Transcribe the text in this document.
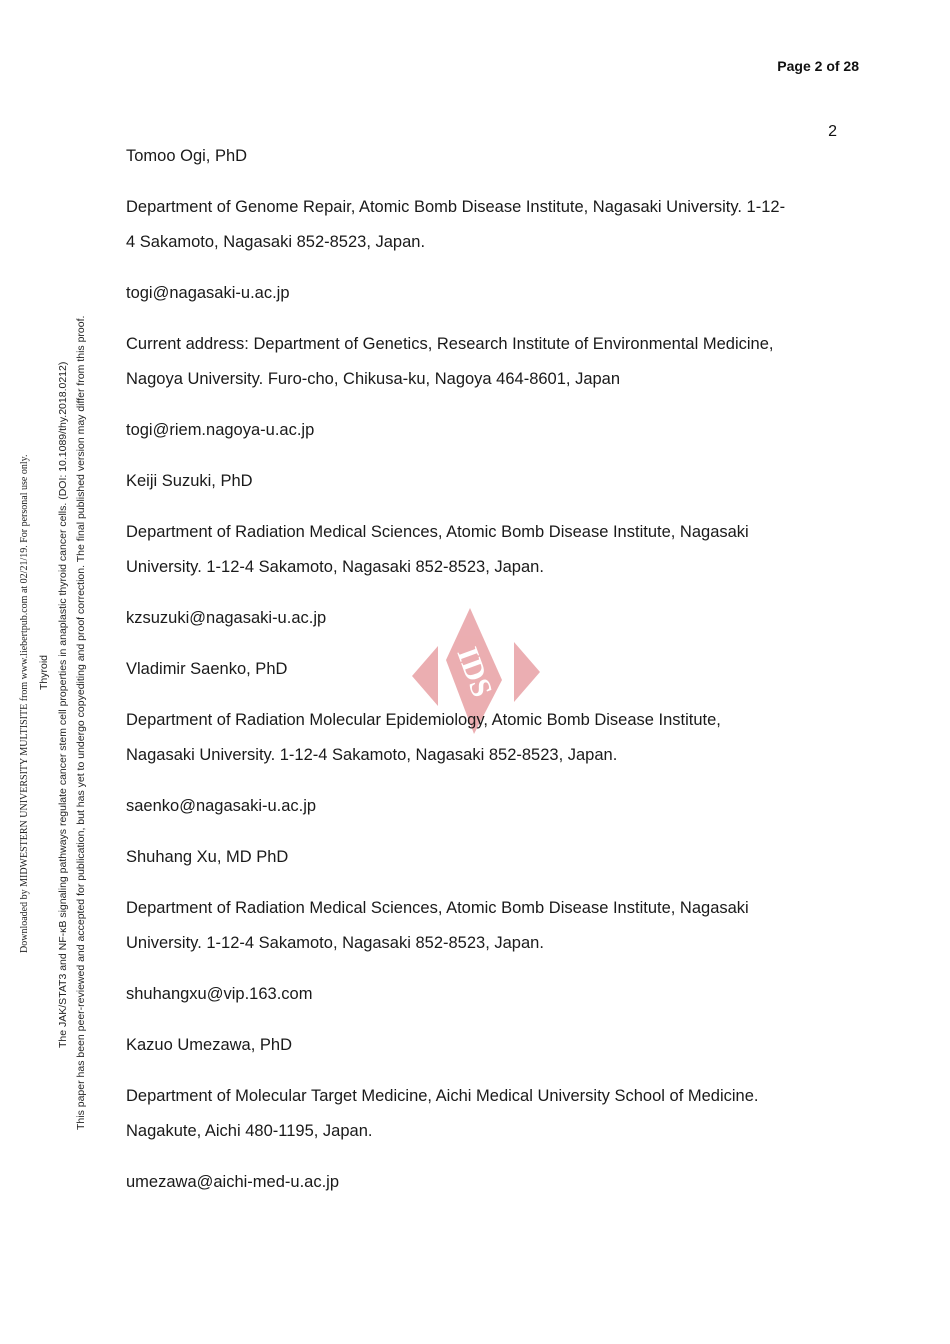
Page 2 of 28
2
Downloaded by MIDWESTERN UNIVERSITY MULTISITE from www.liebertpub.com at 02/21/19. For personal use only. Thyroid The JAK/STAT3 and NF-κB signaling pathways regulate cancer stem cell properties in anaplastic thyroid cancer cells. (DOI: 10.1089/thy.2018.0212) This paper has been peer-reviewed and accepted for publication, but has yet to undergo copyediting and proof correction. The final published version may differ from this proof.	IDS
Tomoo Ogi, PhD
Department of Genome Repair, Atomic Bomb Disease Institute, Nagasaki University. 1-12-
4 Sakamoto, Nagasaki 852-8523, Japan.
togi@nagasaki-u.ac.jp
Current address: Department of Genetics, Research Institute of Environmental Medicine,
Nagoya University. Furo-cho, Chikusa-ku, Nagoya 464-8601, Japan
togi@riem.nagoya-u.ac.jp
Keiji Suzuki, PhD
Department of Radiation Medical Sciences, Atomic Bomb Disease Institute, Nagasaki
University. 1-12-4 Sakamoto, Nagasaki 852-8523, Japan.
kzsuzuki@nagasaki-u.ac.jp
Vladimir Saenko, PhD
Department of Radiation Molecular Epidemiology, Atomic Bomb Disease Institute,
Nagasaki University. 1-12-4 Sakamoto, Nagasaki 852-8523, Japan.
saenko@nagasaki-u.ac.jp
Shuhang Xu, MD PhD
Department of Radiation Medical Sciences, Atomic Bomb Disease Institute, Nagasaki
University. 1-12-4 Sakamoto, Nagasaki 852-8523, Japan.
shuhangxu@vip.163.com
Kazuo Umezawa, PhD
Department of Molecular Target Medicine, Aichi Medical University School of Medicine.
Nagakute, Aichi 480-1195, Japan.
umezawa@aichi-med-u.ac.jp
